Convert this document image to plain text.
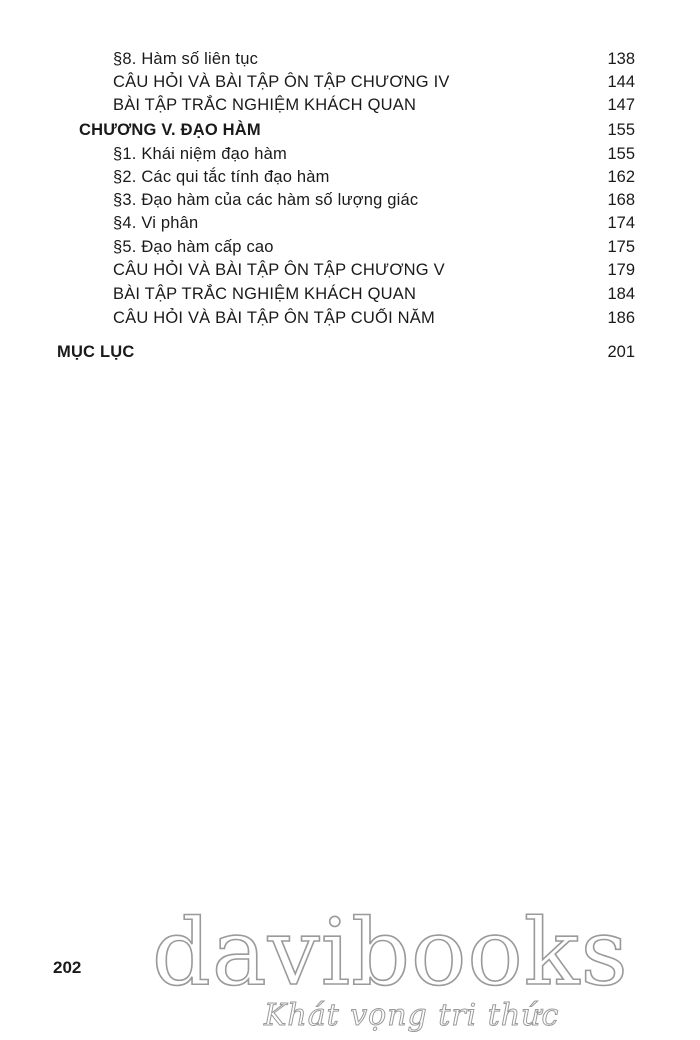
§8. Hàm số liên tục	138
CÂU HỎI VÀ BÀI TẬP ÔN TẬP CHƯƠNG IV	144
BÀI TẬP TRẮC NGHIỆM KHÁCH QUAN	147
CHƯƠNG V. ĐẠO HÀM	155
§1. Khái niệm đạo hàm	155
§2. Các qui tắc tính đạo hàm	162
§3. Đạo hàm của các hàm số lượng giác	168
§4. Vi phân	174
§5. Đạo hàm cấp cao	175
CÂU HỎI VÀ BÀI TẬP ÔN TẬP CHƯƠNG V	179
BÀI TẬP TRẮC NGHIỆM KHÁCH QUAN	184
CÂU HỎI VÀ BÀI TẬP ÔN TẬP CUỐI NĂM	186
MỤC LỤC	201
202 davibooks
Khát vọng tri thức
